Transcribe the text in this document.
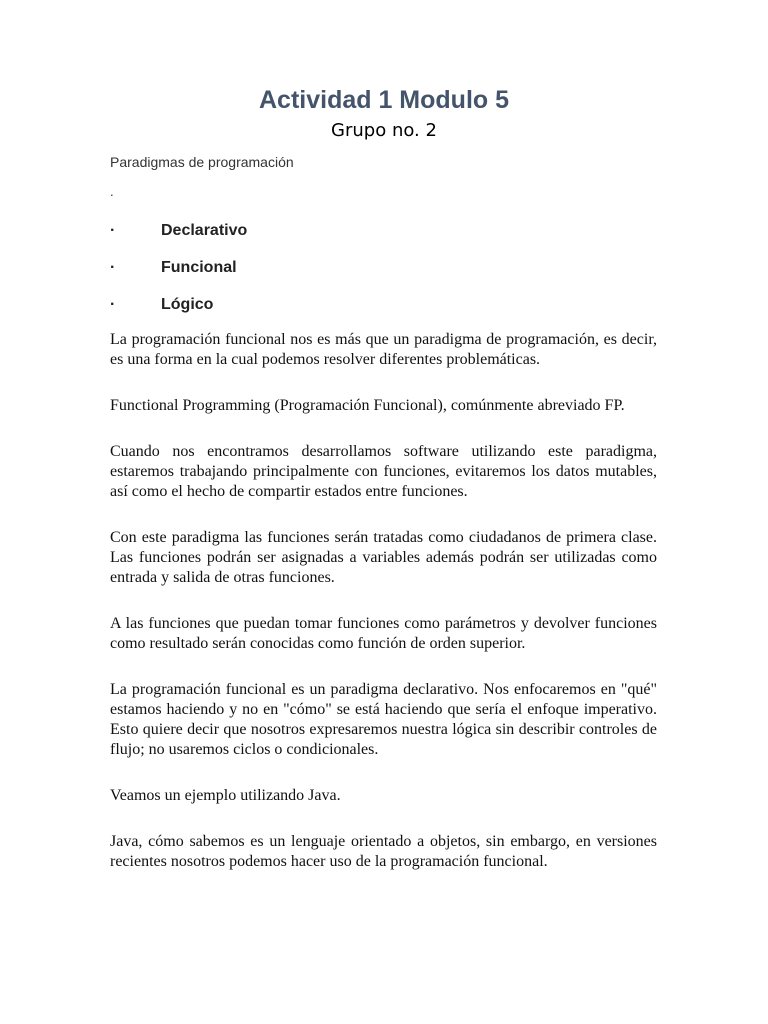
Actividad 1 Modulo 5
Grupo no. 2

Paradigmas de programación

.

·	Declarativo
·	Funcional
·	Lógico

La programación funcional nos es más que un paradigma de programación, es decir, es una forma en la cual podemos resolver diferentes problemáticas.

Functional Programming (Programación Funcional), comúnmente abreviado FP.

Cuando nos encontramos desarrollamos software utilizando este paradigma, estaremos trabajando principalmente con funciones, evitaremos los datos mutables, así como el hecho de compartir estados entre funciones.

Con este paradigma las funciones serán tratadas como ciudadanos de primera clase. Las funciones podrán ser asignadas a variables además podrán ser utilizadas como entrada y salida de otras funciones.

A las funciones que puedan tomar funciones como parámetros y devolver funciones como resultado serán conocidas como función de orden superior.

La programación funcional es un paradigma declarativo. Nos enfocaremos en "qué" estamos haciendo y no en "cómo" se está haciendo que sería el enfoque imperativo. Esto quiere decir que nosotros expresaremos nuestra lógica sin describir controles de flujo; no usaremos ciclos o condicionales.

Veamos un ejemplo utilizando Java.

Java, cómo sabemos es un lenguaje orientado a objetos, sin embargo, en versiones recientes nosotros podemos hacer uso de la programación funcional.
